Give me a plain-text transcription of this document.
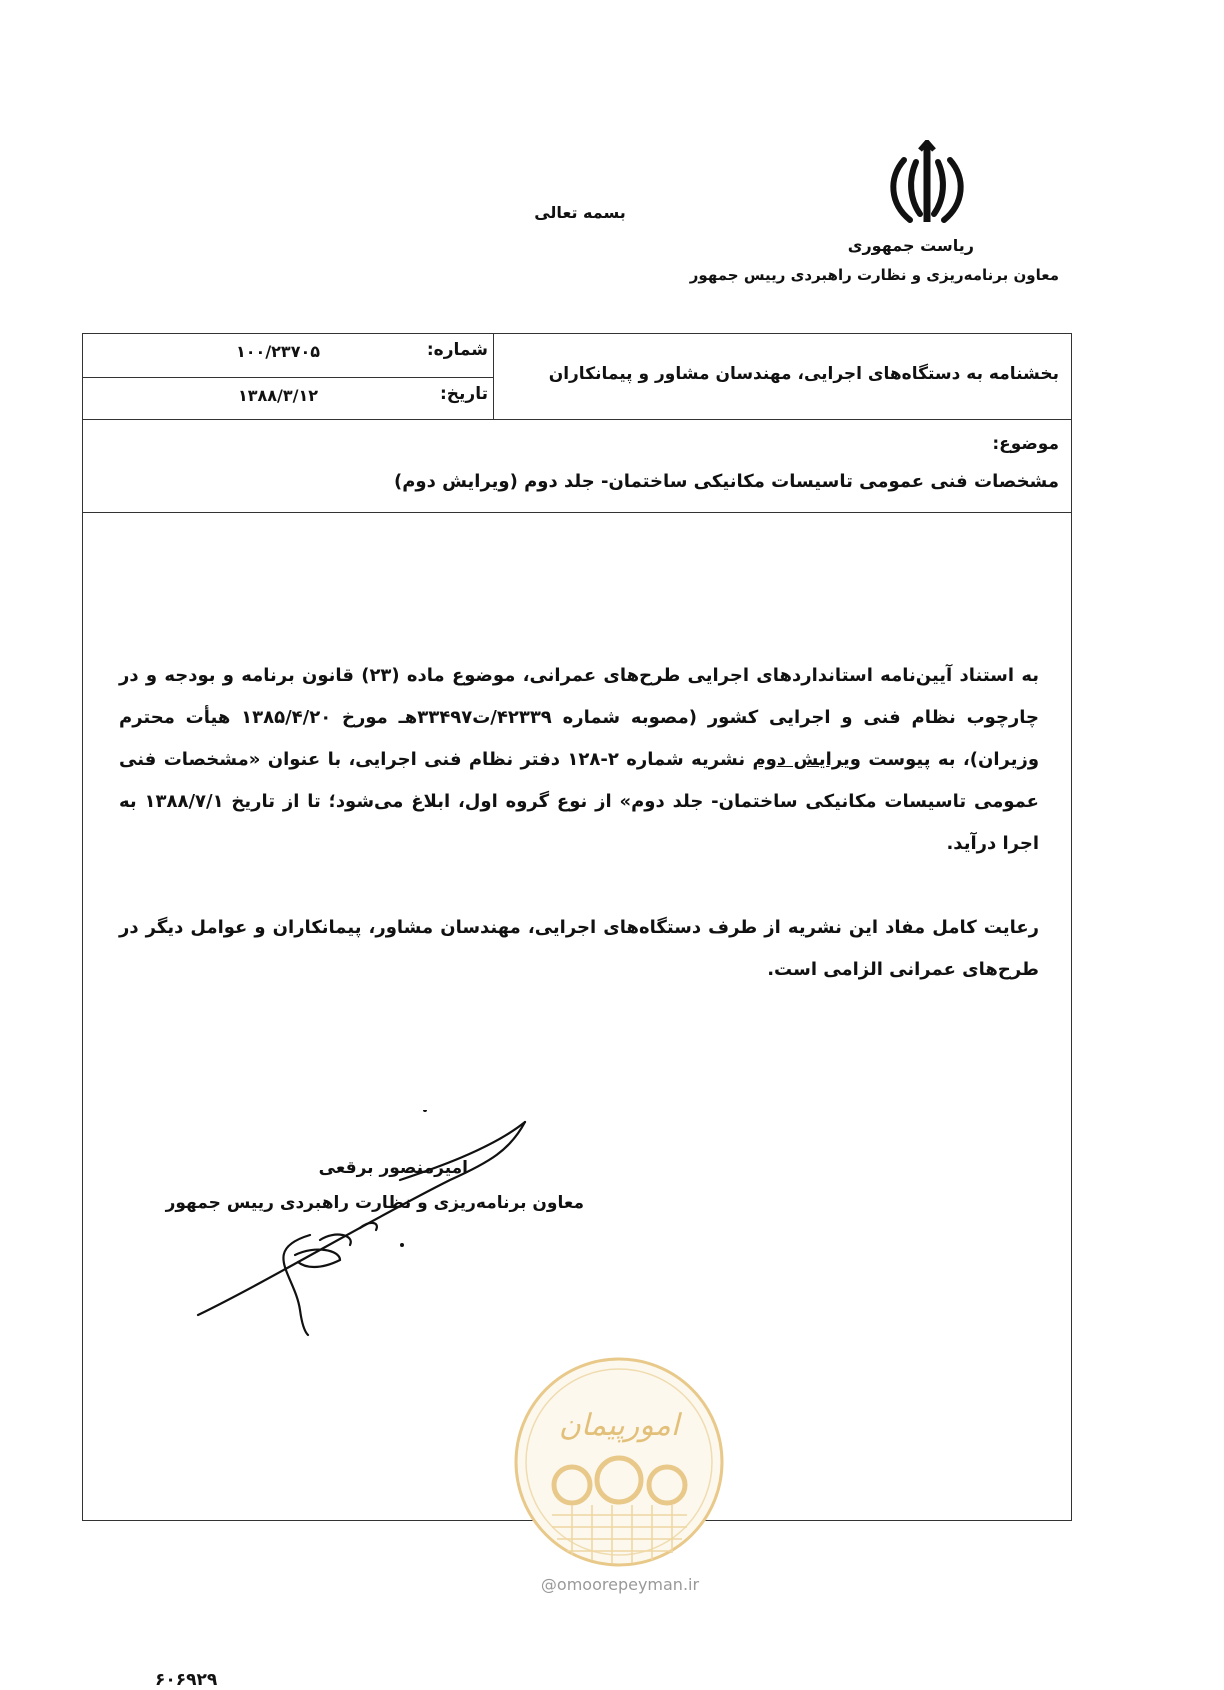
بسمه تعالی
ریاست جمهوری
معاون برنامه‌ریزی و نظارت راهبردی رییس جمهور
بخشنامه به دستگاه‌های اجرایی، مهندسان مشاور و پیمانکاران
شماره:
۱۰۰/۲۳۷۰۵
تاریخ:
۱۳۸۸/۳/۱۲
موضوع:
مشخصات فنی عمومی تاسیسات مکانیکی ساختمان- جلد دوم (ویرایش دوم)
به استناد آیین‌نامه استانداردهای اجرایی طرح‌های عمرانی، موضوع ماده (۲۳) قانون برنامه و بودجه و در چارچوب نظام فنی و اجرایی کشور (مصوبه شماره ۴۲۳۳۹/ت۳۳۴۹۷هـ مورخ ۱۳۸۵/۴/۲۰ هیأت محترم وزیران)، به پیوست ویرایش دوم نشریه شماره ۲-۱۲۸ دفتر نظام فنی اجرایی، با عنوان «مشخصات فنی عمومی تاسیسات مکانیکی ساختمان- جلد دوم» از نوع گروه اول، ابلاغ می‌شود؛ تا از تاریخ ۱۳۸۸/۷/۱ به اجرا درآید.
رعایت کامل مفاد این نشریه از طرف دستگاه‌های اجرایی، مهندسان مشاور، پیمانکاران و عوامل دیگر در طرح‌های عمرانی الزامی است.
امیرمنصور برقعی
معاون برنامه‌ریزی و نظارت راهبردی رییس جمهور
امورپیمان
@omoorepeyman.ir
۶۰۶۹۲۹
